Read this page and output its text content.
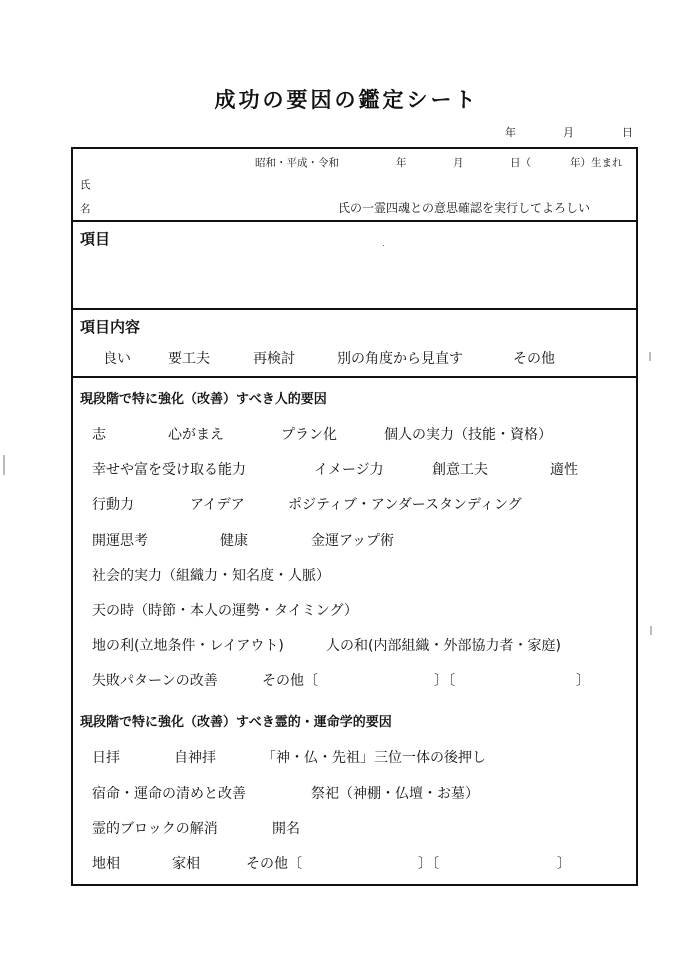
成功の要因の鑑定シート
年	月	日
昭和・平成・令和	年	月	日（	年）生まれ
氏
名	氏の一霊四魂との意思確認を実行してよろしい
項目
項目内容
良い	要工夫	再検討	別の角度から見直す	その他
現段階で特に強化（改善）すべき人的要因
志	心がまえ	プラン化	個人の実力（技能・資格）
幸せや富を受け取る能力	イメージ力	創意工夫	適性
行動力	アイデア	ポジティブ・アンダースタンディング
開運思考	健康	金運アップ術
社会的実力（組織力・知名度・人脈）
天の時（時節・本人の運勢・タイミング）
地の利(立地条件・レイアウト)	人の和(内部組織・外部協力者・家庭)
失敗パターンの改善	その他〔	〕〔	〕
現段階で特に強化（改善）すべき霊的・運命学的要因
日拝	自神拝	「神・仏・先祖」三位一体の後押し
宿命・運命の清めと改善	祭祀（神棚・仏壇・お墓）
霊的ブロックの解消	開名
地相	家相	その他〔	〕〔	〕
